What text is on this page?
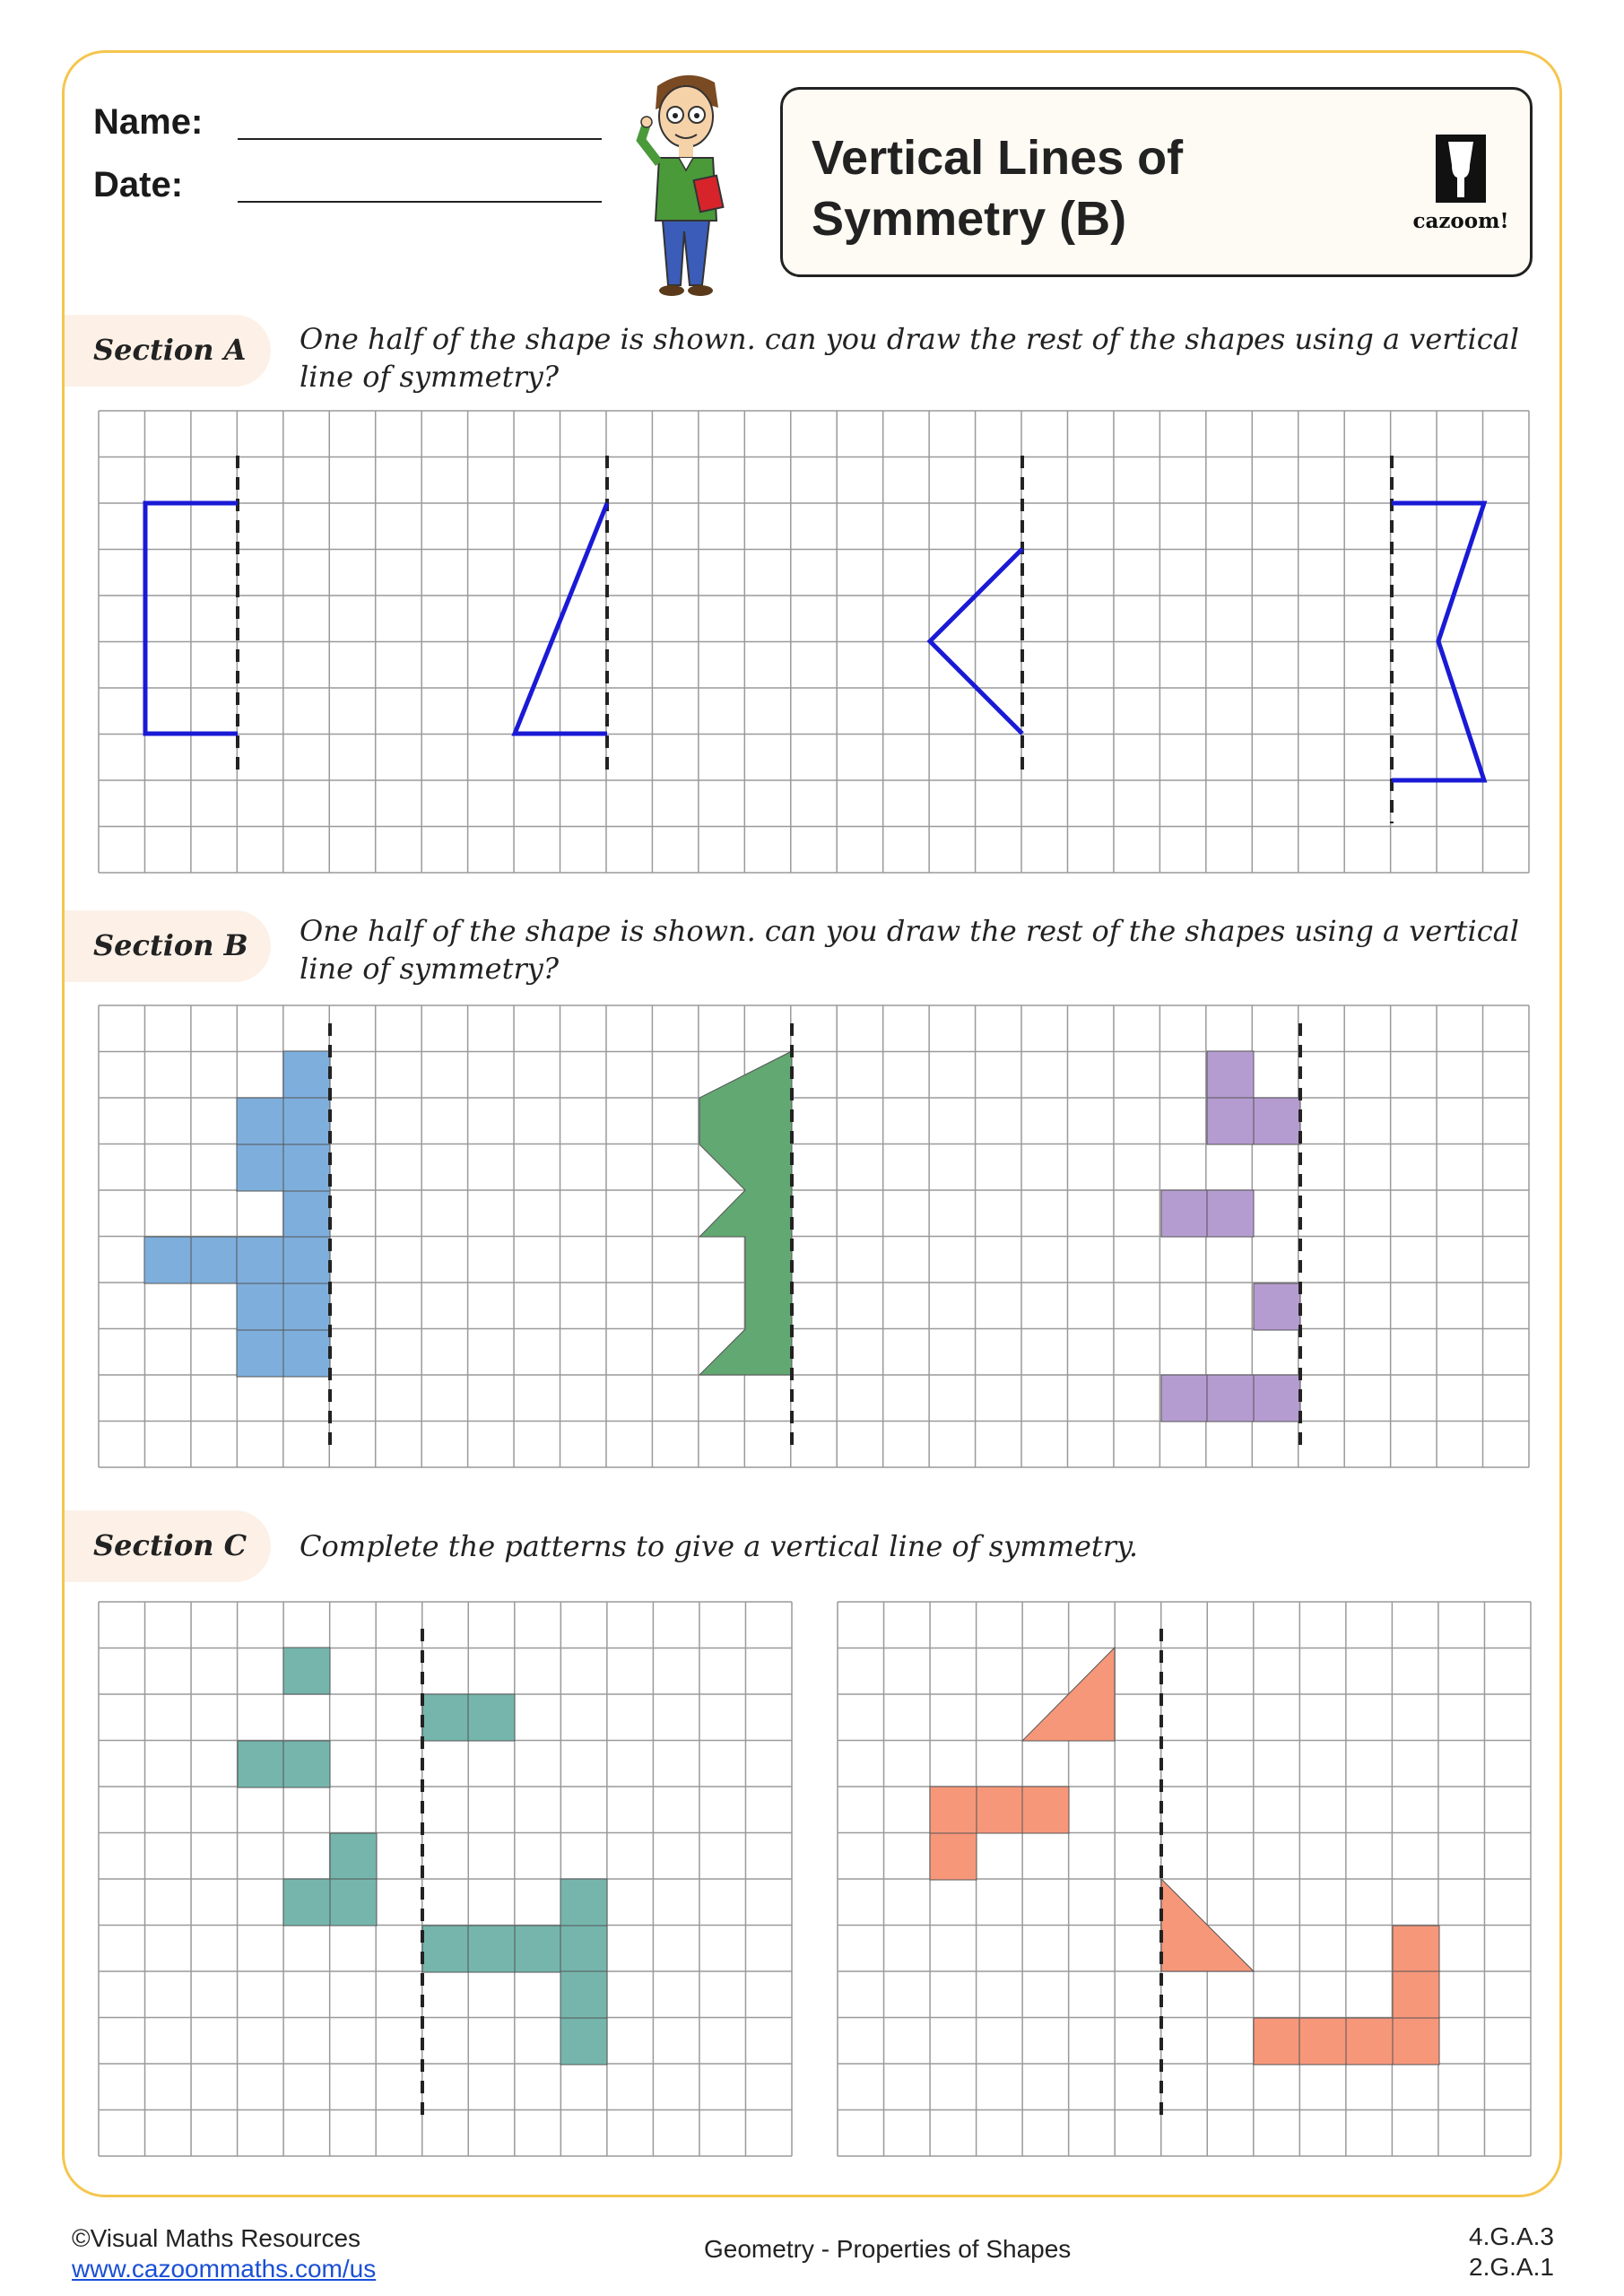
Name:
Date:	Vertical Lines of
Symmetry (B)	cazoom!
Section A One half of the shape is shown. can you draw the rest of the shapes using a vertical line of symmetry?
Section B One half of the shape is shown. can you draw the rest of the shapes using a vertical line of symmetry?
Section C Complete the patterns to give a vertical line of symmetry.
©Visual Maths Resources
www.cazoommaths.com/us
Geometry - Properties of Shapes	4.G.A.3
2.G.A.1
